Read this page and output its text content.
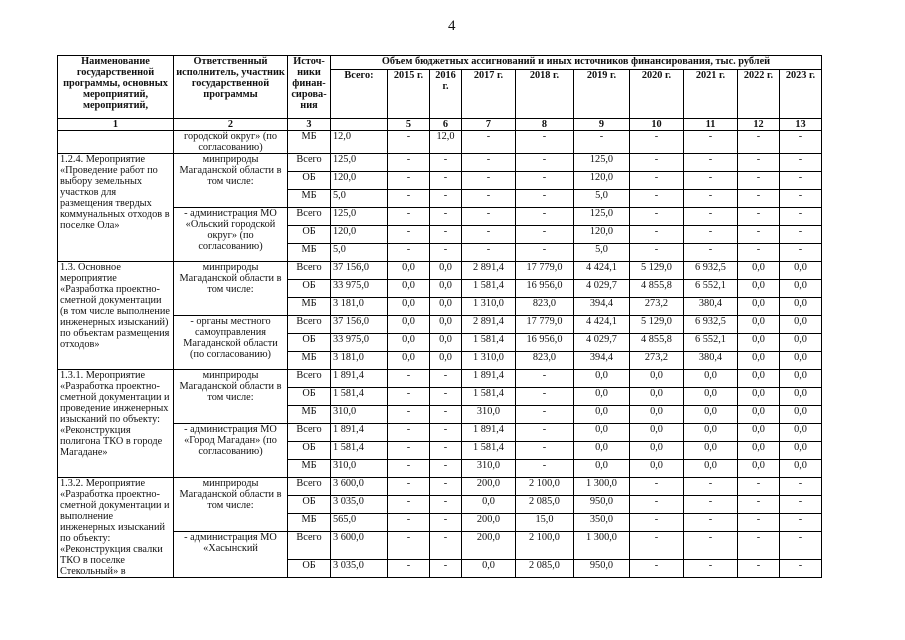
4
Наименование государственной программы, основных мероприятий, мероприятий,	Ответственный исполнитель, участник государственной программы	Источ-ники финан-сирова-ния	Объем бюджетных ассигнований и иных источников финансирования, тыс. рублей									
			Всего:	2015 г.	2016 г.	2017 г.	2018 г.	2019 г.	2020 г.	2021 г.	2022 г.	2023 г.
1	2	3		5	6	7	8	9	10	11	12	13
	городской округ» (по согласованию)	МБ	12,0	-	12,0	-	-	-	-	-	-	-
1.2.4. Мероприятие «Проведение работ по выбору земельных участков для размещения твердых коммунальных отходов в поселке Ола»	минприроды Магаданской области в том числе:	Всего	125,0	-	-	-	-	125,0	-	-	-	-
		ОБ	120,0	-	-	-	-	120,0	-	-	-	-
		МБ	5,0	-	-	-	-	5,0	-	-	-	-
	- администрация МО «Ольский городской округ» (по согласованию)	Всего	125,0	-	-	-	-	125,0	-	-	-	-
		ОБ	120,0	-	-	-	-	120,0	-	-	-	-
		МБ	5,0	-	-	-	-	5,0	-	-	-	-
1.3. Основное мероприятие «Разработка проектно-сметной документации (в том числе выполнение инженерных изысканий) по объектам размещения отходов»	минприроды Магаданской области в том числе:	Всего	37 156,0	0,0	0,0	2 891,4	17 779,0	4 424,1	5 129,0	6 932,5	0,0	0,0
		ОБ	33 975,0	0,0	0,0	1 581,4	16 956,0	4 029,7	4 855,8	6 552,1	0,0	0,0
		МБ	3 181,0	0,0	0,0	1 310,0	823,0	394,4	273,2	380,4	0,0	0,0
	- органы местного самоуправления Магаданской области (по согласованию)	Всего	37 156,0	0,0	0,0	2 891,4	17 779,0	4 424,1	5 129,0	6 932,5	0,0	0,0
		ОБ	33 975,0	0,0	0,0	1 581,4	16 956,0	4 029,7	4 855,8	6 552,1	0,0	0,0
		МБ	3 181,0	0,0	0,0	1 310,0	823,0	394,4	273,2	380,4	0,0	0,0
1.3.1. Мероприятие «Разработка проектно-сметной документации и проведение инженерных изысканий по объекту: «Реконструкция полигона ТКО в городе Магадане»	минприроды Магаданской области в том числе:	Всего	1 891,4	-	-	1 891,4	-	0,0	0,0	0,0	0,0	0,0
		ОБ	1 581,4	-	-	1 581,4	-	0,0	0,0	0,0	0,0	0,0
		МБ	310,0	-	-	310,0	-	0,0	0,0	0,0	0,0	0,0
	- администрация МО «Город Магадан» (по согласованию)	Всего	1 891,4	-	-	1 891,4	-	0,0	0,0	0,0	0,0	0,0
		ОБ	1 581,4	-	-	1 581,4	-	0,0	0,0	0,0	0,0	0,0
		МБ	310,0	-	-	310,0	-	0,0	0,0	0,0	0,0	0,0
1.3.2. Мероприятие «Разработка проектно-сметной документации и выполнение инженерных изысканий по объекту: «Реконструкция свалки ТКО в поселке Стекольный» в	минприроды Магаданской области в том числе:	Всего	3 600,0	-	-	200,0	2 100,0	1 300,0	-	-	-	-
		ОБ	3 035,0	-	-	0,0	2 085,0	950,0	-	-	-	-
		МБ	565,0	-	-	200,0	15,0	350,0	-	-	-	-
	- администрация МО «Хасынский	Всего	3 600,0	-	-	200,0	2 100,0	1 300,0	-	-	-	-
		ОБ	3 035,0	-	-	0,0	2 085,0	950,0	-	-	-	-
